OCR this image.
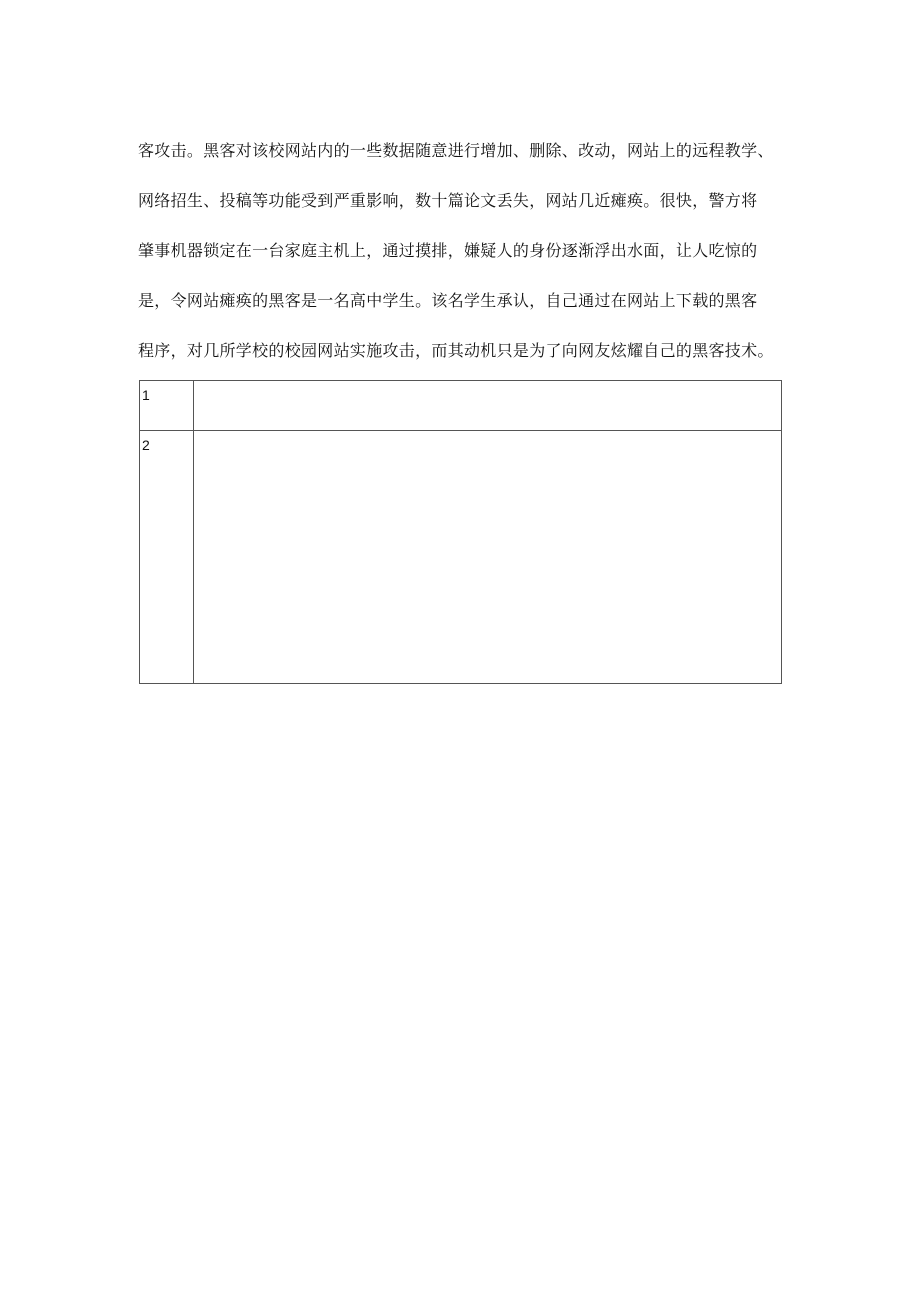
客攻击。黑客对该校网站内的一些数据随意进行增加、删除、改动，网站上的远程教学、
网络招生、投稿等功能受到严重影响，数十篇论文丢失，网站几近瘫痪。很快，警方将
肇事机器锁定在一台家庭主机上，通过摸排，嫌疑人的身份逐渐浮出水面，让人吃惊的
是，令网站瘫痪的黑客是一名高中学生。该名学生承认，自己通过在网站上下载的黑客
程序，对几所学校的校园网站实施攻击，而其动机只是为了向网友炫耀自己的黑客技术。
1	
2	
